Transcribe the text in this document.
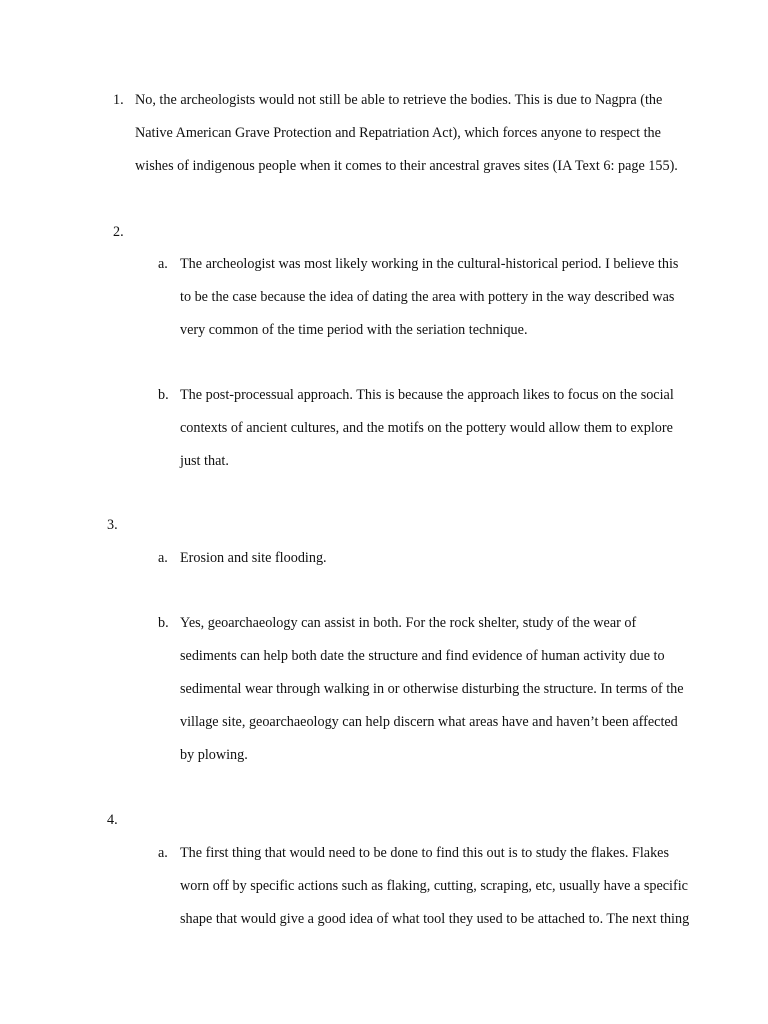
1. No, the archeologists would not still be able to retrieve the bodies. This is due to Nagpra (the
Native American Grave Protection and Repatriation Act), which forces anyone to respect the
wishes of indigenous people when it comes to their ancestral graves sites (IA Text 6: page 155).
2.
a. The archeologist was most likely working in the cultural-historical period. I believe this
to be the case because the idea of dating the area with pottery in the way described was
very common of the time period with the seriation technique.
b. The post-processual approach. This is because the approach likes to focus on the social
contexts of ancient cultures, and the motifs on the pottery would allow them to explore
just that.
3.
a. Erosion and site flooding.
b. Yes, geoarchaeology can assist in both. For the rock shelter, study of the wear of
sediments can help both date the structure and find evidence of human activity due to
sedimental wear through walking in or otherwise disturbing the structure. In terms of the
village site, geoarchaeology can help discern what areas have and haven’t been affected
by plowing.
4.
a. The first thing that would need to be done to find this out is to study the flakes. Flakes
worn off by specific actions such as flaking, cutting, scraping, etc, usually have a specific
shape that would give a good idea of what tool they used to be attached to. The next thing
